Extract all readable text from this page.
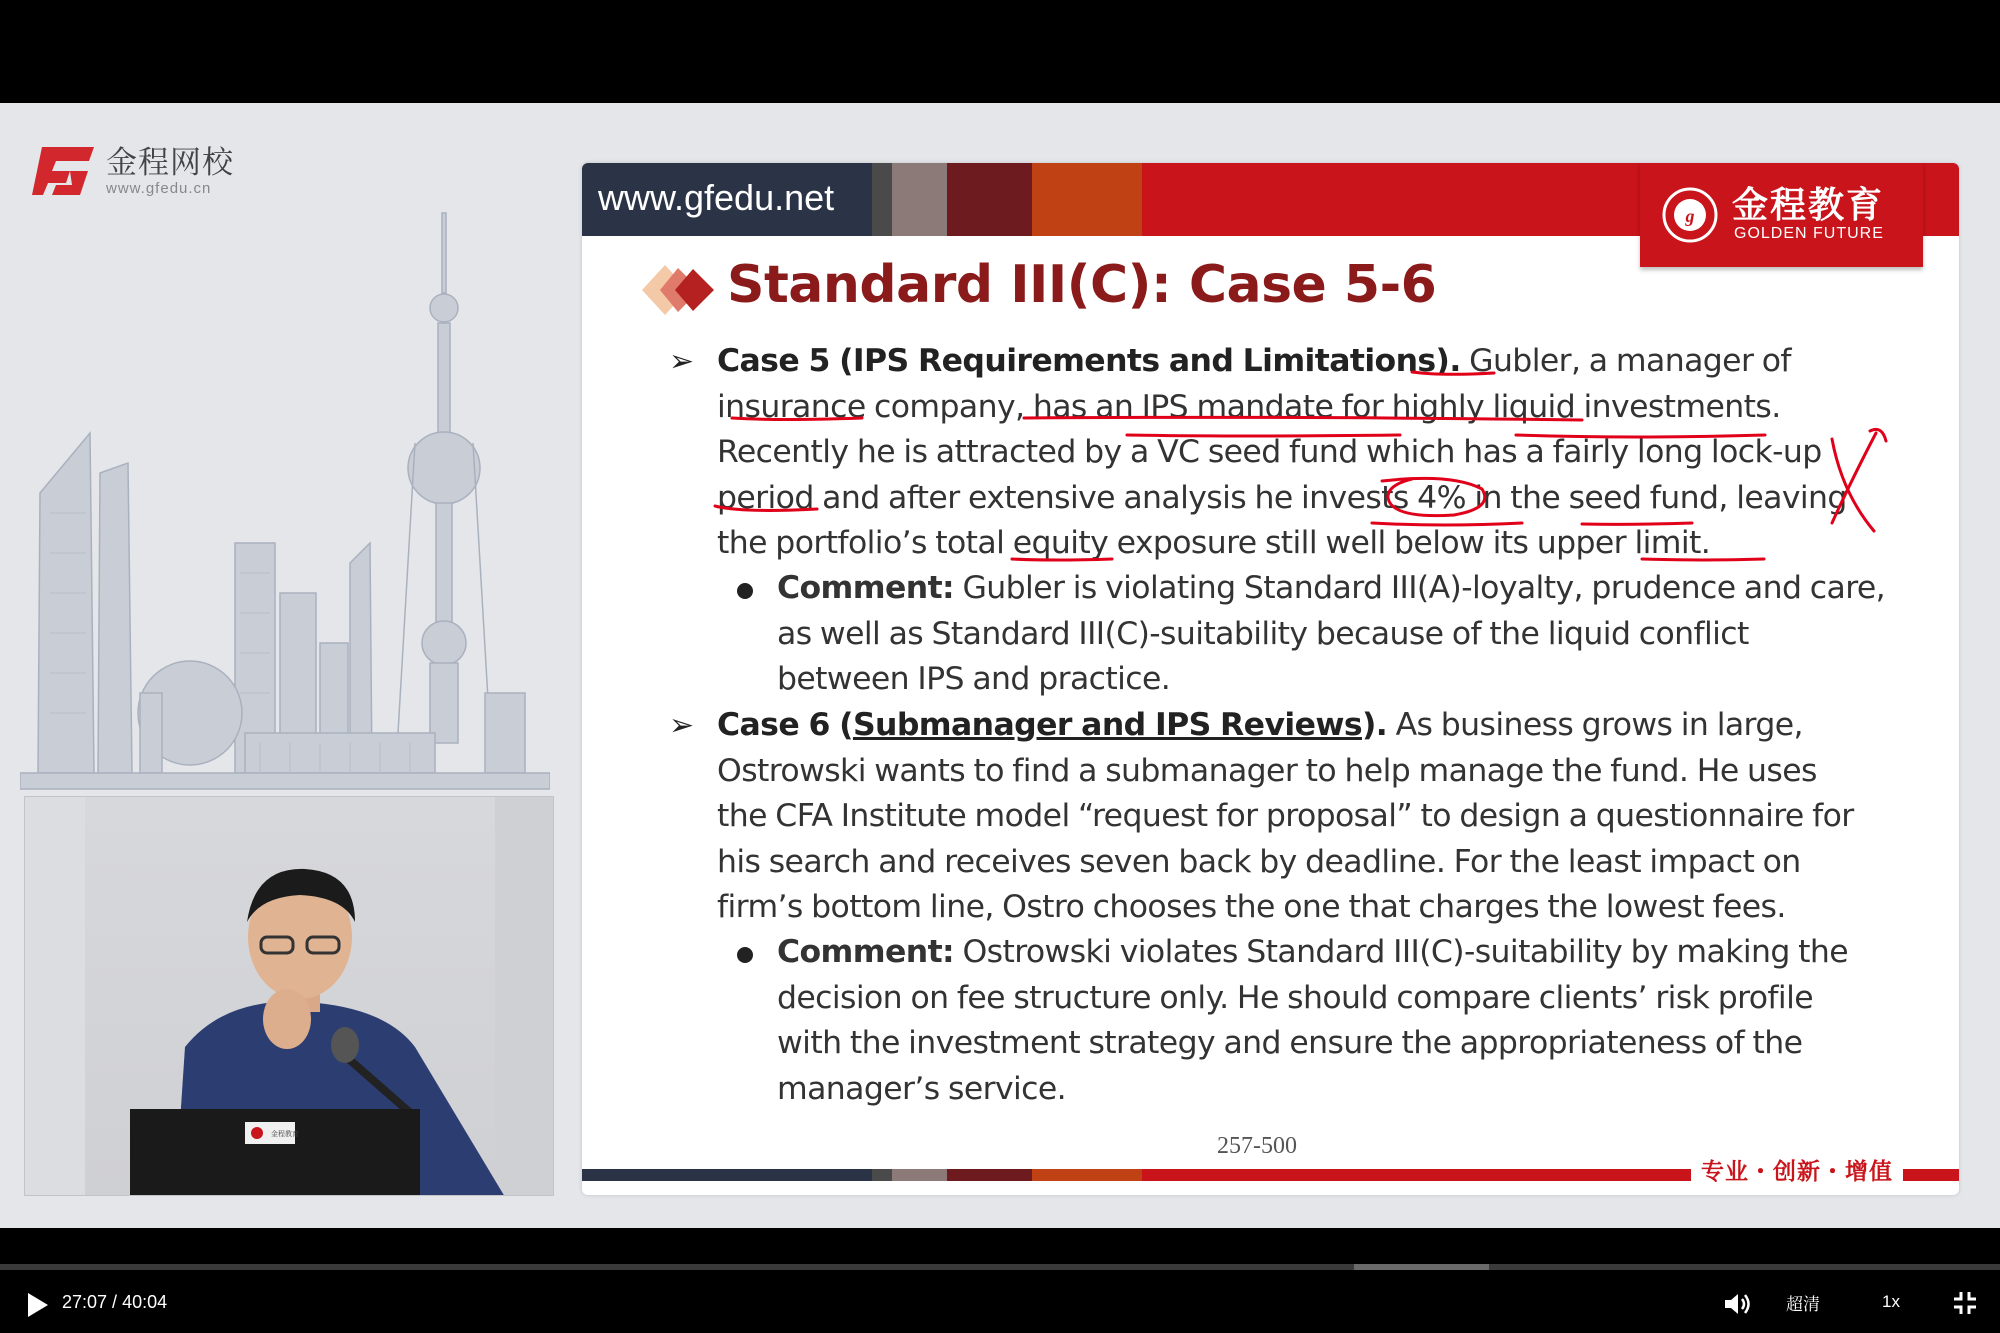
金程网校
www.gfedu.cn
金程教育
www.gfedu.net	g 金程教育
GOLDEN FUTURE
Standard III(C): Case 5-6
➢ Case 5 (IPS Requirements and Limitations). Gubler, a manager of
insurance company, has an IPS mandate for highly liquid investments.
Recently he is attracted by a VC seed fund which has a fairly long lock-up
period and after extensive analysis he invests 4% in the seed fund, leaving
the portfolio’s total equity exposure still well below its upper limit.
Comment: Gubler is violating Standard III(A)-loyalty, prudence and care,
as well as Standard III(C)-suitability because of the liquid conflict
between IPS and practice.
➢ Case 6 (Submanager and IPS Reviews). As business grows in large,
Ostrowski wants to find a submanager to help manage the fund. He uses
the CFA Institute model “request for proposal” to design a questionnaire for
his search and receives seven back by deadline. For the least impact on
firm’s bottom line, Ostro chooses the one that charges the lowest fees.
Comment: Ostrowski violates Standard III(C)-suitability by making the
decision on fee structure only. He should compare clients’ risk profile
with the investment strategy and ensure the appropriateness of the
manager’s service.
257-500
专业・创新・增值
27:07 / 40:04	超清	1x
